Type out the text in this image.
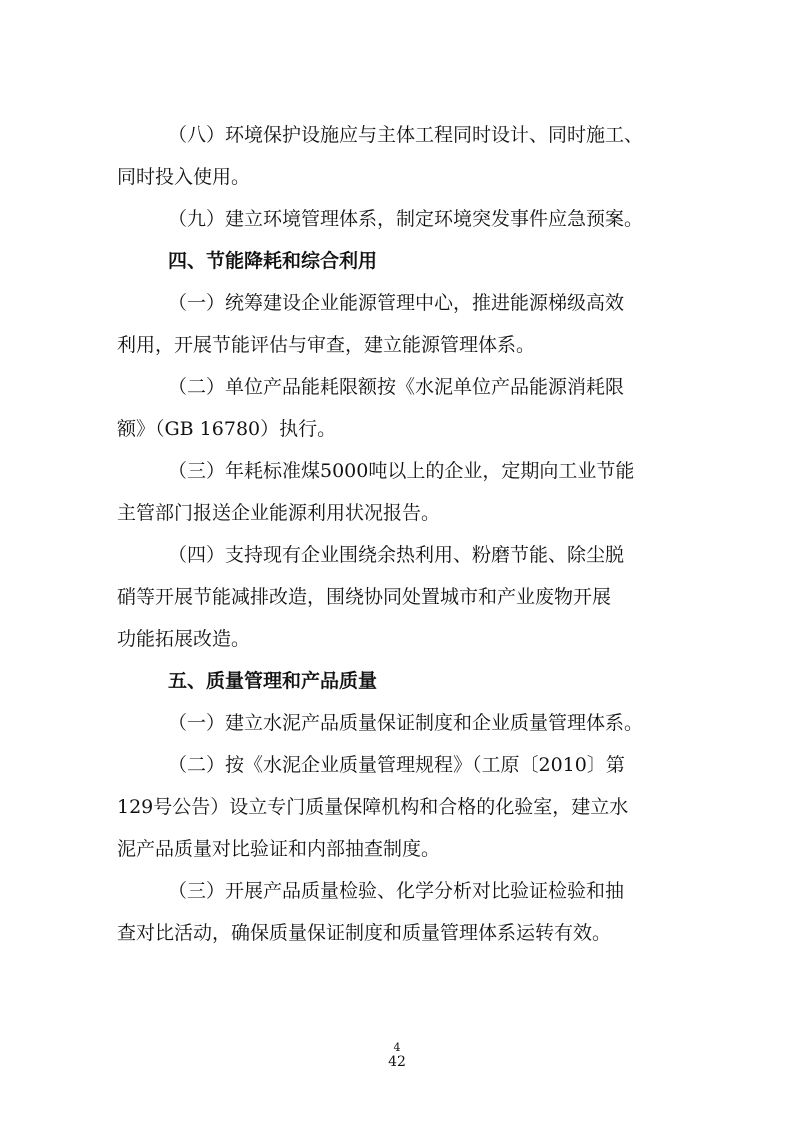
（八）环境保护设施应与主体工程同时设计、同时施工、
同时投入使用。
（九）建立环境管理体系，制定环境突发事件应急预案。
四、节能降耗和综合利用
（一）统筹建设企业能源管理中心，推进能源梯级高效
利用，开展节能评估与审查，建立能源管理体系。
（二）单位产品能耗限额按《水泥单位产品能源消耗限
额》（GB 16780）执行。
（三）年耗标准煤5000吨以上的企业，定期向工业节能
主管部门报送企业能源利用状况报告。
（四）支持现有企业围绕余热利用、粉磨节能、除尘脱
硝等开展节能减排改造，围绕协同处置城市和产业废物开展
功能拓展改造。
五、质量管理和产品质量
（一）建立水泥产品质量保证制度和企业质量管理体系。
（二）按《水泥企业质量管理规程》（工原〔2010〕第
129号公告）设立专门质量保障机构和合格的化验室，建立水
泥产品质量对比验证和内部抽查制度。
（三）开展产品质量检验、化学分析对比验证检验和抽
查对比活动，确保质量保证制度和质量管理体系运转有效。
4
42
